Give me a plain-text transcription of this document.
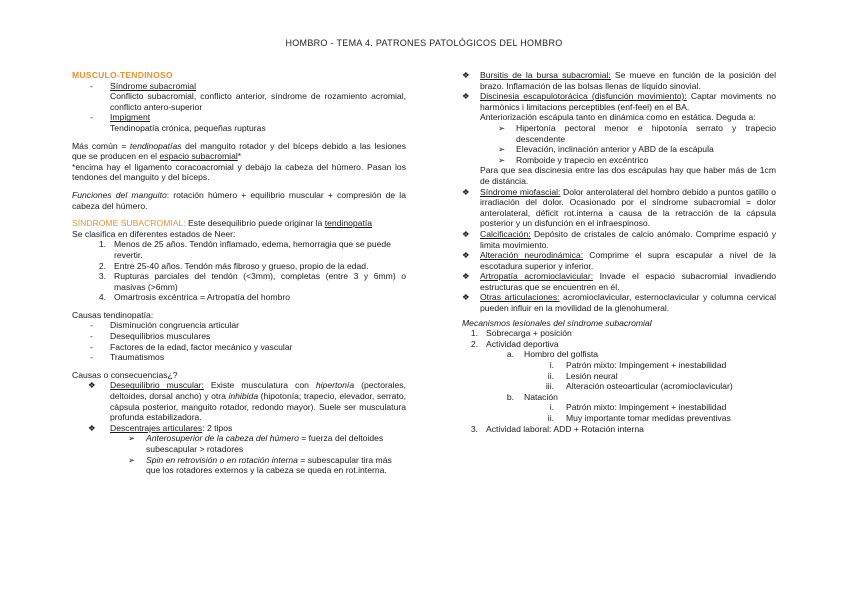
HOMBRO - TEMA 4. PATRONES PATOLÓGICOS DEL HOMBRO

MUSCULO-TENDINOSO

-	Síndrome subacromial

Conflicto subacromial, conflicto anterior, síndrome de rozamiento acromial, conflicto antero-superior

-	Impigment

Tendinopatía crónica, pequeñas rupturas

Más común = tendinopatías del manguito rotador y del bíceps debido a las lesiones que se producen en el espacio subacromial*

*encima hay el ligamento coracoacromial y debajo la cabeza del húmero. Pasan los tendones del manguito y del bíceps.

Funciones del manguito: rotación húmero + equilibrio muscular + compresión de la cabeza del húmero.

SÍNDROME SUBACROMIAL: Este desequilibrio puede originar la tendinopatía

Se clasifica en diferentes estados de Neer:

1. Menos de 25 años. Tendón inflamado, edema, hemorragia que se puede revertir.
2. Entre 25-40 años. Tendón más fibroso y grueso, propio de la edad.
3. Rupturas parciales del tendón (<3mm), completas (entre 3 y 6mm) o masivas (>6mm)
4. Omartrosis excéntrica = Artropatía del hombro

Causas tendinopatía:

-	Disminución congruencia articular
-	Desequilibrios musculares
-	Factores de la edad, factor mecánico y vascular
-	Traumatismos

Causas o consecuencias¿?

❖	Desequilibrio muscular: Existe musculatura con hipertonía (pectorales, deltoides, dorsal ancho) y otra inhibida (hipotonía; trapecio, elevador, serrato, cápsula posterior, manguito rotador, redondo mayor). Suele ser musculatura profunda estabilizadora.
❖	Descentrajes articulares: 2 tipos
➢	Anterosuperior de la cabeza del húmero = fuerza del deltoides subescapular > rotadores
➢	Spin en retrovisión o en rotación interna = subescapular tira más que los rotadores externos y la cabeza se queda en rot.interna.
❖	Bursitis de la bursa subacromial: Se mueve en función de la posición del brazo. Inflamación de las bolsas llenas de líquido sinovial.
❖	Discinesia escapulotorácica (disfunción movimiento): Captar moviments no harmònics i limitacions perceptibles (enf-feel) en el BA.

Anteriorización escápula tanto en dinámica como en estática. Deguda a:

➢	Hipertonía pectoral menor e hipotonía serrato y trapecio descendente
➢	Elevación, inclinación anterior y ABD de la escápula
➢	Romboide y trapecio en excéntrico

Para que sea discinesia entre las dos escápulas hay que haber más de 1cm de distáncia.

❖	Síndrome miofascial: Dolor anterolateral del hombro debido a puntos gatillo o irradiación del dolor. Ocasionado por el síndrome subacromial = dolor anterolateral, déficit rot.interna a causa de la retracción de la cápsula posterior y un disfunción en el infraespinoso.
❖	Calcificación: Depósito de cristales de calcio anómalo. Comprime espació y limita movimiento.
❖	Alteración neurodinámica: Comprime el supra escapular a nivel de la escotadura superior y inferior.
❖	Artropatía acromioclavicular: Invade el espacio subacromial invadiendo estructuras que se encuentren en él.
❖	Otras articulaciones: acromioclavicular, esternoclavicular y columna cervical pueden influir en la movilidad de la glenohumeral.

Mecanismos lesionales del síndrome subacromial

1. Sobrecarga + posición
2. Actividad deportiva
a.	Hombro del golfista
i.	Patrón mixto: Impingement + inestabilidad
ii.	Lesión neural
iii.	Alteración osteoarticular (acromioclavicular)
b.	Natación
i.	Patrón mixto: Impingement + inestabilidad
ii.	Muy importante tomar medidas preventivas
3. Actividad laboral: ADD + Rotación interna
